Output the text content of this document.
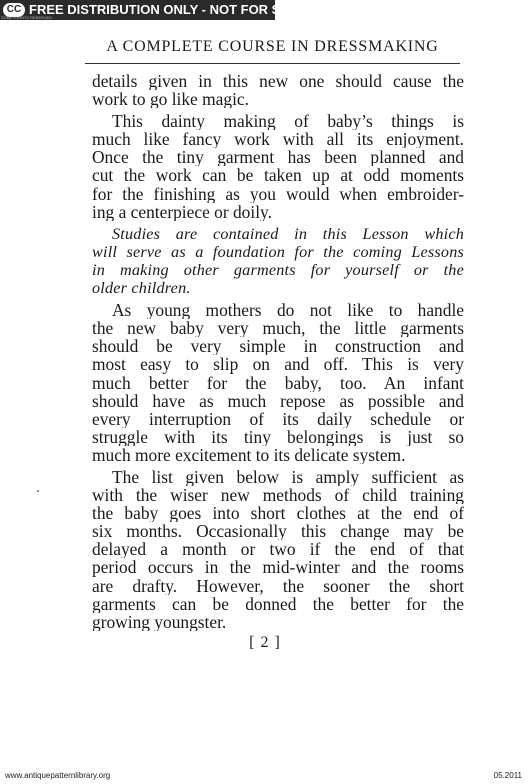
CC FREE DISTRIBUTION ONLY - NOT FOR SALE
SOME RIGHTS RESERVED
A COMPLETE COURSE IN DRESSMAKING
details given in this new one should cause the
work to go like magic.
This dainty making of baby’s things is
much like fancy work with all its enjoyment.
Once the tiny garment has been planned and
cut the work can be taken up at odd moments
for the finishing as you would when embroider-
ing a centerpiece or doily.
Studies are contained in this Lesson which
will serve as a foundation for the coming Lessons
in making other garments for yourself or the
older children.
As young mothers do not like to handle
the new baby very much, the little garments
should be very simple in construction and
most easy to slip on and off. This is very
much better for the baby, too. An infant
should have as much repose as possible and
every interruption of its daily schedule or
struggle with its tiny belongings is just so
much more excitement to its delicate system.
The list given below is amply sufficient as
with the wiser new methods of child training
the baby goes into short clothes at the end of
six months. Occasionally this change may be
delayed a month or two if the end of that
period occurs in the mid-winter and the rooms
are drafty. However, the sooner the short
garments can be donned the better for the
growing youngster.
[ 2 ]
www.antiquepatternlibrary.org	05.2011
